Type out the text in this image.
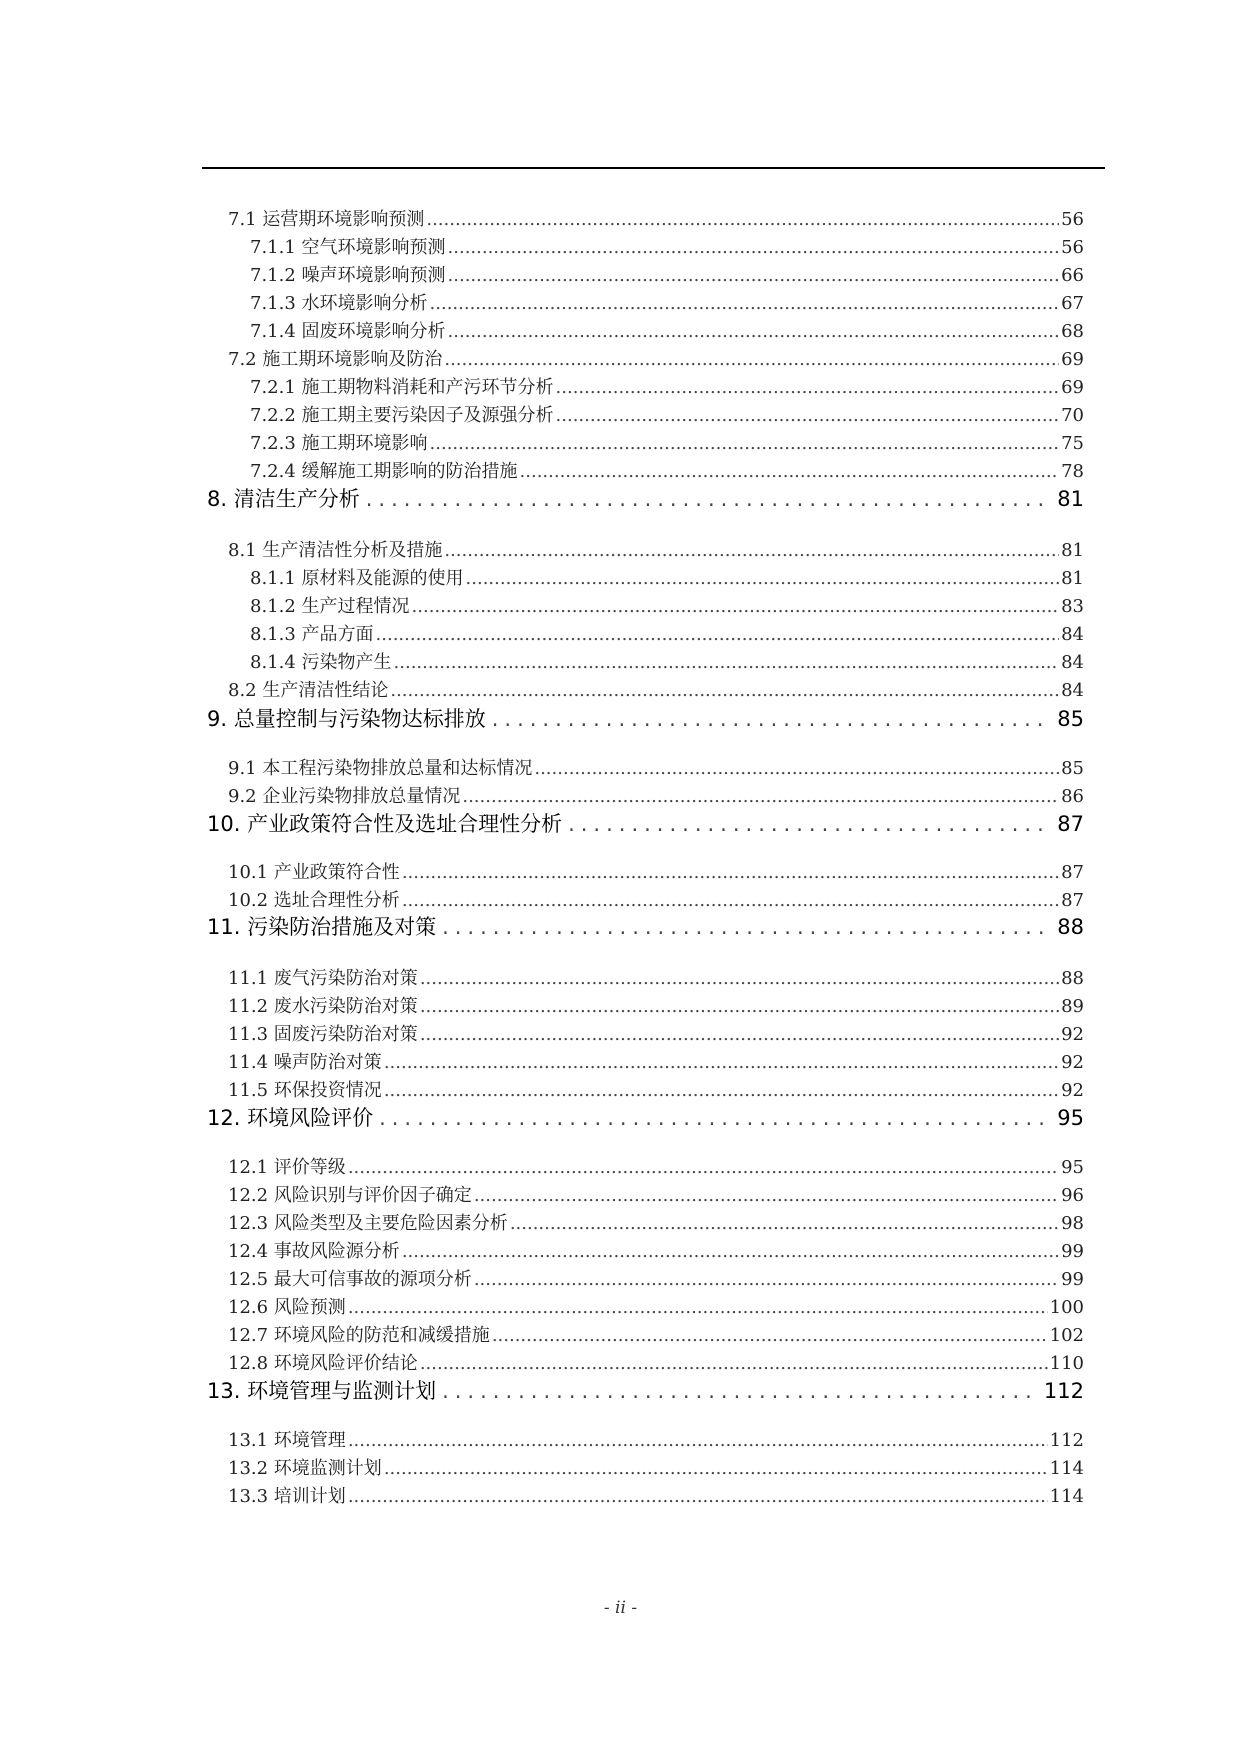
7.1 运营期环境影响预测 .....	56
7.1.1 空气环境影响预测 .....	56
7.1.2 噪声环境影响预测 .....	66
7.1.3 水环境影响分析 .....	67
7.1.4 固废环境影响分析 .....	68
7.2 施工期环境影响及防治 .....	69
7.2.1 施工期物料消耗和产污环节分析 .....	69
7.2.2 施工期主要污染因子及源强分析 .....	70
7.2.3 施工期环境影响 .....	75
7.2.4 缓解施工期影响的防治措施 .....	78
8. 清洁生产分析 .....	81
8.1 生产清洁性分析及措施 .....	81
8.1.1 原材料及能源的使用 .....	81
8.1.2 生产过程情况 .....	83
8.1.3 产品方面 .....	84
8.1.4 污染物产生 .....	84
8.2 生产清洁性结论 .....	84
9. 总量控制与污染物达标排放 .....	85
9.1 本工程污染物排放总量和达标情况 .....	85
9.2 企业污染物排放总量情况 .....	86
10. 产业政策符合性及选址合理性分析 .....	87
10.1 产业政策符合性 .....	87
10.2 选址合理性分析 .....	87
11. 污染防治措施及对策 .....	88
11.1 废气污染防治对策 .....	88
11.2 废水污染防治对策 .....	89
11.3 固废污染防治对策 .....	92
11.4 噪声防治对策 .....	92
11.5 环保投资情况 .....	92
12. 环境风险评价 .....	95
12.1 评价等级 .....	95
12.2 风险识别与评价因子确定 .....	96
12.3 风险类型及主要危险因素分析 .....	98
12.4 事故风险源分析 .....	99
12.5 最大可信事故的源项分析 .....	99
12.6 风险预测 .....	100
12.7 环境风险的防范和减缓措施 .....	102
12.8 环境风险评价结论 .....	110
13. 环境管理与监测计划 .....	112
13.1 环境管理 .....	112
13.2 环境监测计划 .....	114
13.3 培训计划 .....	114
- ii -
